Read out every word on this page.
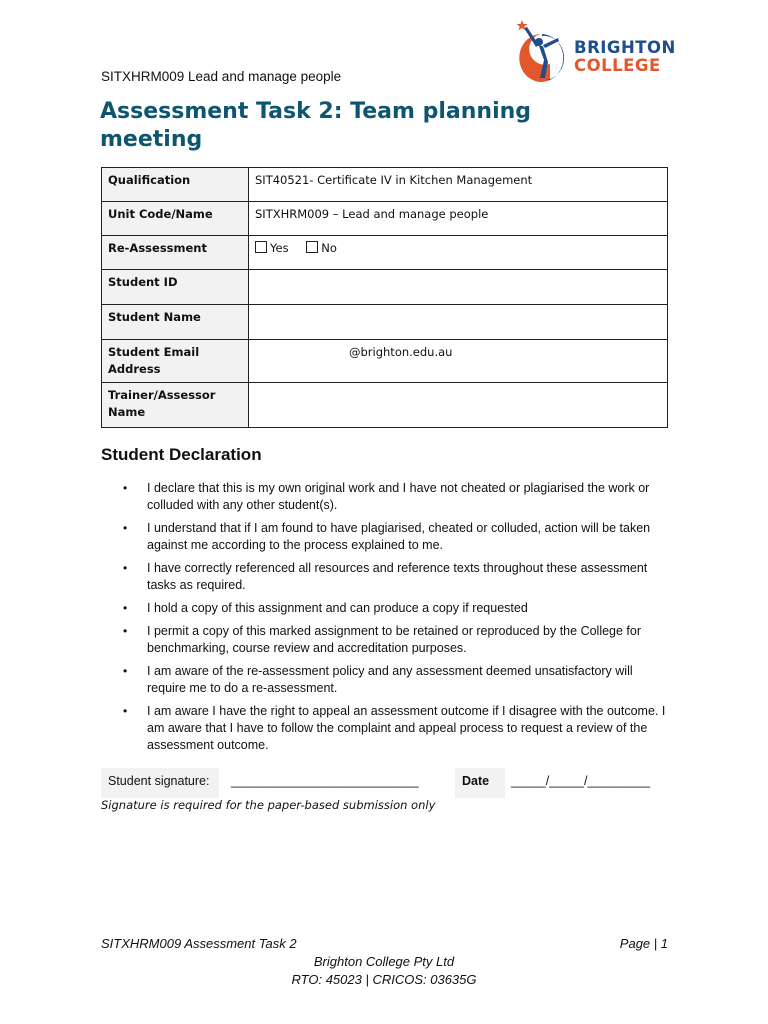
SITXHRM009 Lead and manage people
BRIGHTON
COLLEGE
Assessment Task 2: Team planning meeting
Qualification	SIT40521- Certificate IV in Kitchen Management
Unit Code/Name	SITXHRM009 – Lead and manage people
Re-Assessment	Yes No
Student ID	
Student Name	
Student Email Address	@brighton.edu.au
Trainer/Assessor Name	
Student Declaration
• I declare that this is my own original work and I have not cheated or plagiarised the work or colluded with any other student(s).
• I understand that if I am found to have plagiarised, cheated or colluded, action will be taken against me according to the process explained to me.
• I have correctly referenced all resources and reference texts throughout these assessment tasks as required.
• I hold a copy of this assignment and can produce a copy if requested
• I permit a copy of this marked assignment to be retained or reproduced by the College for benchmarking, course review and accreditation purposes.
• I am aware of the re-assessment policy and any assessment deemed unsatisfactory will require me to do a re-assessment.
• I am aware I have the right to appeal an assessment outcome if I disagree with the outcome. I am aware that I have to follow the complaint and appeal process to request a review of the assessment outcome.
Student signature:	___________________________	Date	_____/_____/_________
Signature is required for the paper-based submission only
SITXHRM009 Assessment Task 2	Page | 1
Brighton College Pty Ltd
RTO: 45023 | CRICOS: 03635G
